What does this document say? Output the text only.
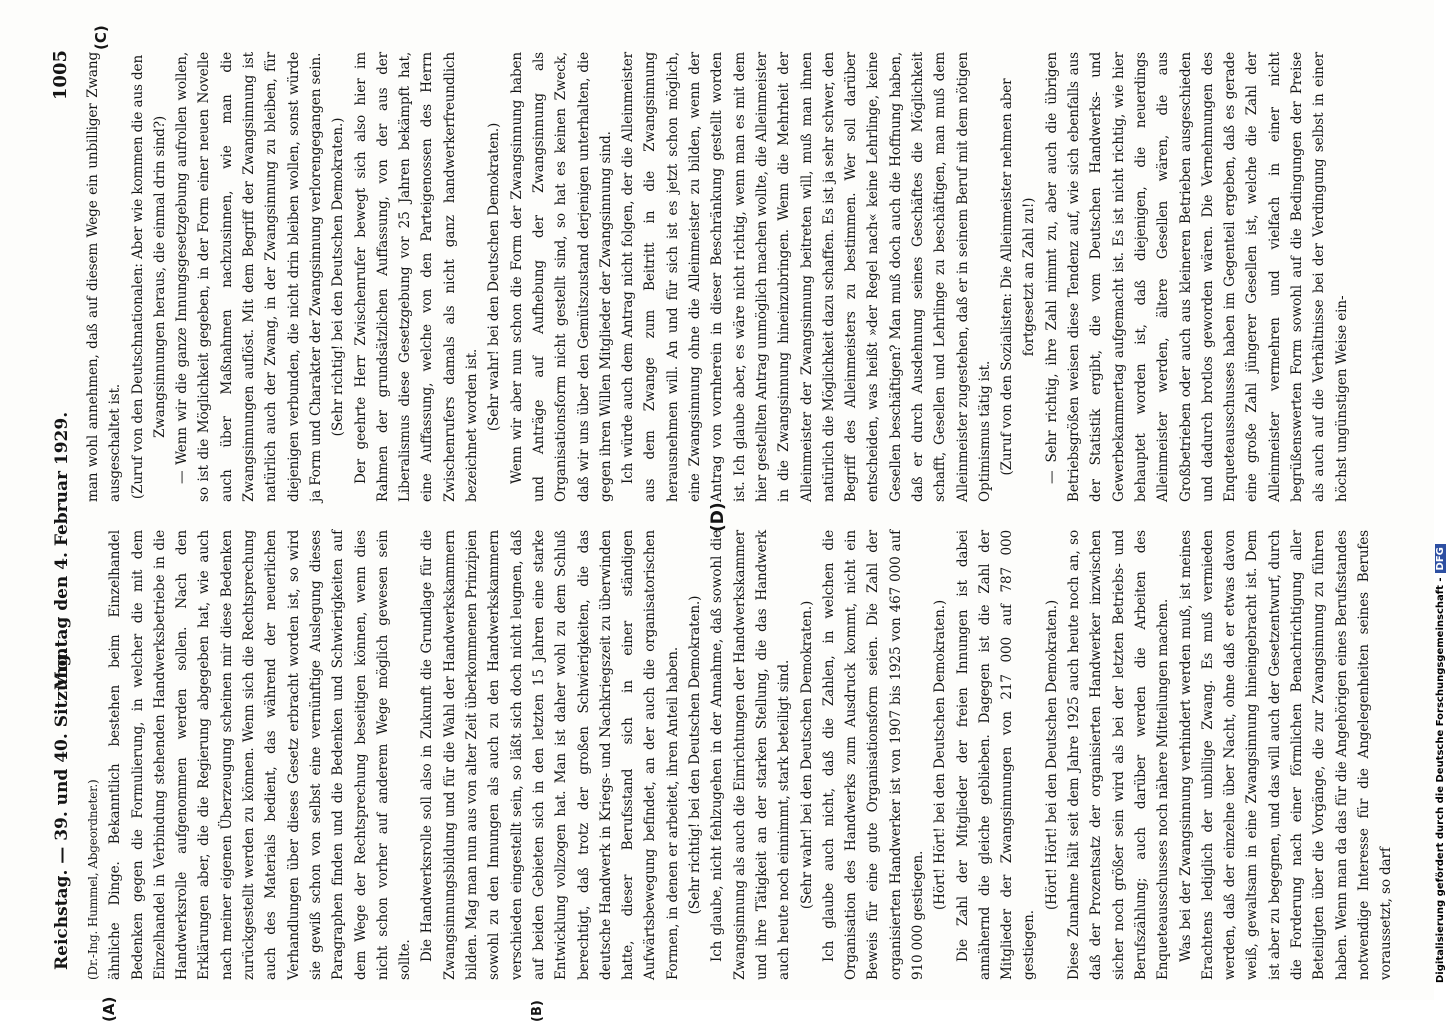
Reichstag. — 39. und 40. Sitzung.
Montag den 4. Februar 1929.
1005
(A)	(B)
(C)
(D)

(Dr.-Ing. Hummel, Abgeordneter.) ähnliche Dinge. Bekanntlich bestehen beim Einzelhandel Bedenken gegen die Formulierung, in welcher die mit dem Einzelhandel in Verbindung stehenden Handwerksbetriebe in die Handwerksrolle aufgenommen werden sollen. Nach den Erklärungen aber, die die Regierung abgegeben hat, wie auch nach meiner eigenen Überzeugung scheinen mir diese Bedenken zurückgestellt werden zu können. Wenn sich die Rechtsprechung auch des Materials bedient, das während der neuerlichen Verhandlungen über dieses Gesetz erbracht worden ist, so wird sie gewiß schon von selbst eine vernünftige Auslegung dieses Paragraphen finden und die Bedenken und Schwierigkeiten auf dem Wege der Rechtsprechung beseitigen können, wenn dies nicht schon vorher auf anderem Wege möglich gewesen sein sollte. Die Handwerksrolle soll also in Zukunft die Grundlage für die Zwangsinnungsbildung und für die Wahl der Handwerkskammern bilden. Mag man nun aus von alter Zeit überkommenen Prinzipien sowohl zu den Innungen als auch zu den Handwerkskammern verschieden eingestellt sein, so läßt sich doch nicht leugnen, daß auf beiden Gebieten sich in den letzten 15 Jahren eine starke Entwicklung vollzogen hat. Man ist daher wohl zu dem Schluß berechtigt, daß trotz der großen Schwierigkeiten, die das deutsche Handwerk in Kriegs- und Nachkriegszeit zu überwinden hatte, dieser Berufsstand sich in einer ständigen Aufwärtsbewegung befindet, an der auch die organisatorischen Formen, in denen er arbeitet, ihren Anteil haben. (Sehr richtig! bei den Deutschen Demokraten.) Ich glaube, nicht fehlzugehen in der Annahme, daß sowohl die Zwangsinnung als auch die Einrichtungen der Handwerkskammer und ihre Tätigkeit an der starken Stellung, die das Handwerk auch heute noch einnimmt, stark beteiligt sind. (Sehr wahr! bei den Deutschen Demokraten.) Ich glaube auch nicht, daß die Zahlen, in welchen die Organisation des Handwerks zum Ausdruck kommt, nicht ein Beweis für eine gute Organisationsform seien. Die Zahl der organisierten Handwerker ist von 1907 bis 1925 von 467 000 auf 910 000 gestiegen.

(Hört! Hört! bei den Deutschen Demokraten.) Die Zahl der Mitglieder der freien Innungen ist dabei annähernd die gleiche geblieben. Dagegen ist die Zahl der Mitglieder der Zwangsinnungen von 217 000 auf 787 000 gestiegen.

(Hört! Hört! bei den Deutschen Demokraten.) Diese Zunahme hält seit dem Jahre 1925 auch heute noch an, so daß der Prozentsatz der organisierten Handwerker inzwischen sicher noch größer sein wird als bei der letzten Betriebs- und Berufszählung; auch darüber werden die Arbeiten des Enqueteausschusses noch nähere Mitteilungen machen. Was bei der Zwangsinnung verhindert werden muß, ist meines Erachtens lediglich der unbillige Zwang. Es muß vermieden werden, daß der einzelne über Nacht, ohne daß er etwas davon weiß, gewaltsam in eine Zwangsinnung hineingebracht ist. Dem ist aber zu begegnen, und das will auch der Gesetzentwurf, durch die Forderung nach einer förmlichen Benachrichtigung aller Beteiligten über die Vorgänge, die zur Zwangsinnung zu führen haben. Wenn man da das für die Angehörigen eines Berufsstandes notwendige Interesse für die Angelegenheiten seines Berufes voraussetzt, so darf

man wohl annehmen, daß auf diesem Wege ein unbilliger Zwang ausgeschaltet ist. (Zuruf von den Deutschnationalen: Aber wie kommen die aus den Zwangsinnungen heraus, die einmal drin sind?) — Wenn wir die ganze Innungsgesetzgebung aufrollen wollen, so ist die Möglichkeit gegeben, in der Form einer neuen Novelle auch über Maßnahmen nachzusinnen, wie man die Zwangsinnungen auflöst. Mit dem Begriff der Zwangsinnung ist natürlich auch der Zwang, in der Zwangsinnung zu bleiben, für diejenigen verbunden, die nicht drin bleiben wollen, sonst würde ja Form und Charakter der Zwangsinnung verlorengegangen sein. (Sehr richtig! bei den Deutschen Demokraten.) Der geehrte Herr Zwischenrufer bewegt sich also hier im Rahmen der grundsätzlichen Auffassung, von der aus der Liberalismus diese Gesetzgebung vor 25 Jahren bekämpft hat, eine Auffassung, welche von den Parteigenossen des Herrn Zwischenrufers damals als nicht ganz handwerkerfreundlich bezeichnet worden ist. (Sehr wahr! bei den Deutschen Demokraten.) Wenn wir aber nun schon die Form der Zwangsinnung haben und Anträge auf Aufhebung der Zwangsinnung als Organisationsform nicht gestellt sind, so hat es keinen Zweck, daß wir uns über den Gemütszustand derjenigen unterhalten, die gegen ihren Willen Mitglieder der Zwangsinnung sind. Ich würde auch dem Antrag nicht folgen, der die Alleinmeister aus dem Zwange zum Beitritt in die Zwangsinnung herausnehmen will. An und für sich ist es jetzt schon möglich, eine Zwangsinnung ohne die Alleinmeister zu bilden, wenn der Antrag von vornherein in dieser Beschränkung gestellt worden ist. Ich glaube aber, es wäre nicht richtig, wenn man es mit dem hier gestellten Antrag unmöglich machen wollte, die Alleinmeister in die Zwangsinnung hineinzubringen. Wenn die Mehrheit der Alleinmeister der Zwangsinnung beitreten will, muß man ihnen natürlich die Möglichkeit dazu schaffen. Es ist ja sehr schwer, den Begriff des Alleinmeisters zu bestimmen. Wer soll darüber entscheiden, was heißt »der Regel nach« keine Lehrlinge, keine Gesellen beschäftigen? Man muß doch auch die Hoffnung haben, daß er durch Ausdehnung seines Geschäftes die Möglichkeit schafft, Gesellen und Lehrlinge zu beschäftigen, man muß dem Alleinmeister zugestehen, daß er in seinem Beruf mit dem nötigen Optimismus tätig ist. (Zuruf von den Sozialisten: Die Alleinmeister nehmen aber fortgesetzt an Zahl zu!) — Sehr richtig, ihre Zahl nimmt zu, aber auch die übrigen Betriebsgrößen weisen diese Tendenz auf, wie sich ebenfalls aus der Statistik ergibt, die vom Deutschen Handwerks- und Gewerbekammertag aufgemacht ist. Es ist nicht richtig, wie hier behauptet worden ist, daß diejenigen, die neuerdings Alleinmeister werden, ältere Gesellen wären, die aus Großbetrieben oder auch aus kleineren Betrieben ausgeschieden und dadurch brotlos geworden wären. Die Vernehmungen des Enqueteausschusses haben im Gegenteil ergeben, daß es gerade eine große Zahl jüngerer Gesellen ist, welche die Zahl der Alleinmeister vermehren und vielfach in einer nicht begrüßenswerten Form sowohl auf die Bedingungen der Preise als auch auf die Verhältnisse bei der Verdingung selbst in einer höchst ungünstigen Weise ein-

Digitalisierung gefördert durch die Deutsche Forschungsgemeinschaft -DFG
